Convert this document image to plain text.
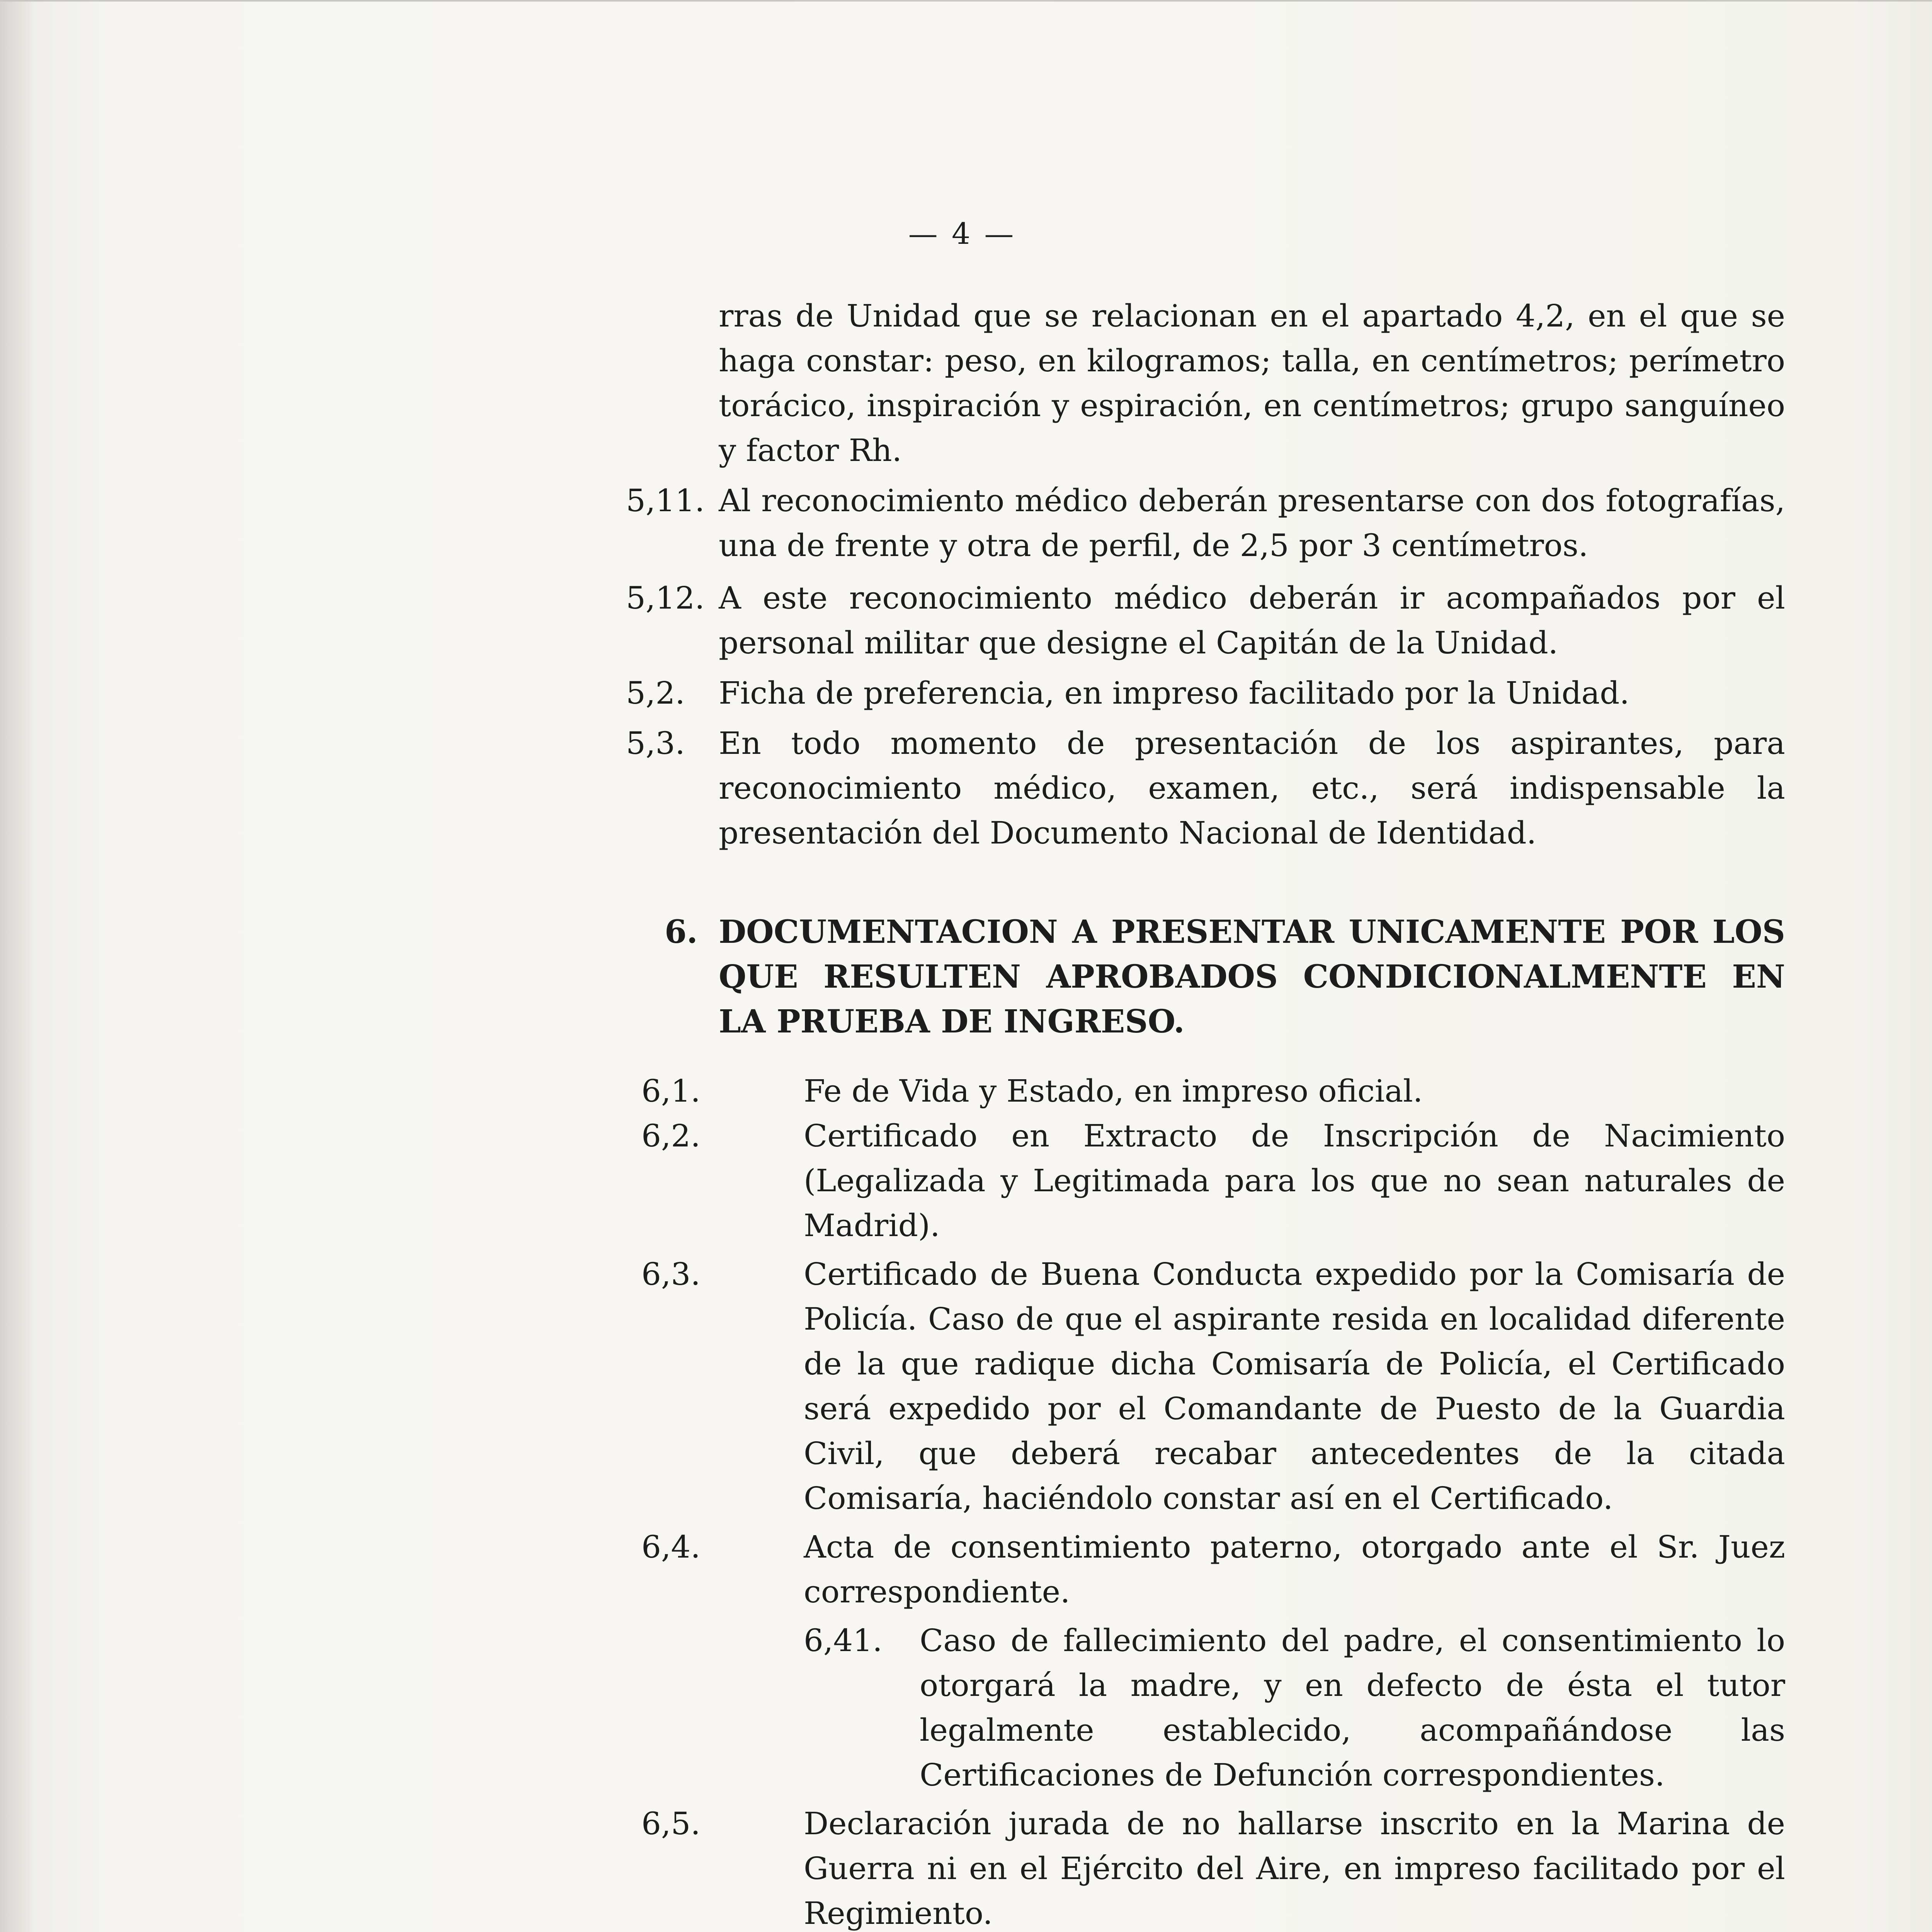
— 4 —

rras de Unidad que se relacionan en el apartado 4,2, en el que se haga constar: peso, en kilogramos; talla, en centímetros; perímetro torácico, inspiración y espiración, en centímetros; grupo sanguíneo y factor Rh.

5,11. Al reconocimiento médico deberán presentarse con dos fotografías, una de frente y otra de perfil, de 2,5 por 3 centímetros.
5,12. A este reconocimiento médico deberán ir acompañados por el personal militar que designe el Capitán de la Unidad.
5,2. Ficha de preferencia, en impreso facilitado por la Unidad.
5,3. En todo momento de presentación de los aspirantes, para reconocimiento médico, examen, etc., será indispensable la presentación del Documento Nacional de Identidad.
6. DOCUMENTACION A PRESENTAR UNICAMENTE POR LOS QUE RESULTEN APROBADOS CONDICIONALMENTE EN LA PRUEBA DE INGRESO.
6,1.	Fe de Vida y Estado, en impreso oficial.
6,2.	Certificado en Extracto de Inscripción de Nacimiento (Legalizada y Legitimada para los que no sean naturales de Madrid).
6,3.	Certificado de Buena Conducta expedido por la Comisaría de Policía. Caso de que el aspirante resida en localidad diferente de la que radique dicha Comisaría de Policía, el Certificado será expedido por el Comandante de Puesto de la Guardia Civil, que deberá recabar antecedentes de la citada Comisaría, haciéndolo constar así en el Certificado.
6,4.	Acta de consentimiento paterno, otorgado ante el Sr. Juez correspondiente.
6,41. Caso de fallecimiento del padre, el consentimiento lo otorgará la madre, y en defecto de ésta el tutor legalmente establecido, acompañándose las Certificaciones de Defunción correspondientes.
6,5.	Declaración jurada de no hallarse inscrito en la Marina de Guerra ni en el Ejército del Aire, en impreso facilitado por el Regimiento.
